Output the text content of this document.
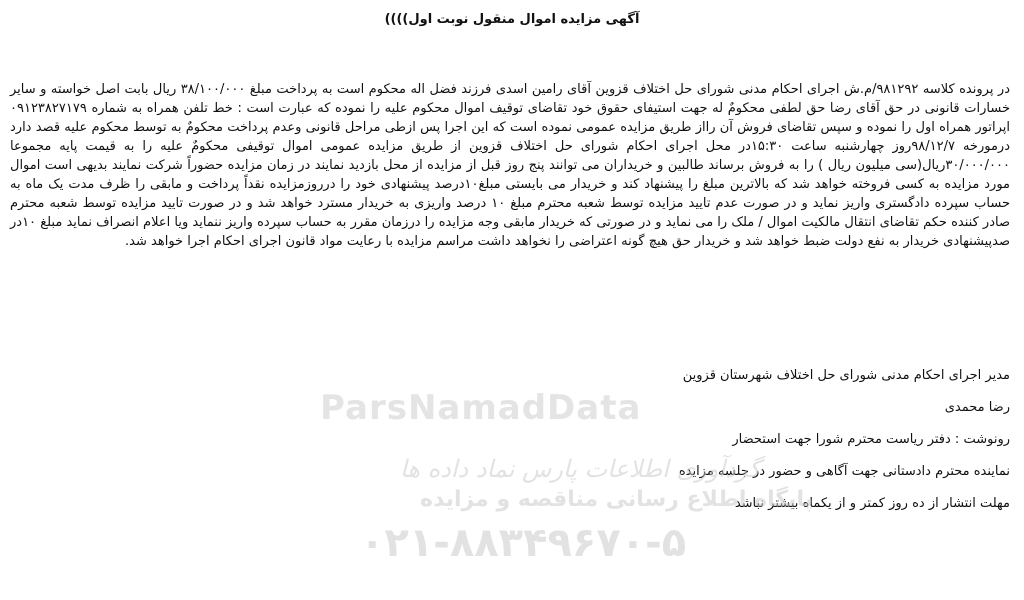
آگهی مزایده اموال منقول نوبت اول))))

در پرونده کلاسه ۹۸۱۲۹۲/م.ش اجرای احکام مدنی شورای حل اختلاف قزوین آقای رامین اسدی فرزند فضل اله محکوم است به پرداخت مبلغ ۳۸/۱۰۰/۰۰۰ ریال بابت اصل خواسته و سایر خسارات قانونی در حق آقای رضا حق لطفی محکومٌ له جهت استیفای حقوق خود تقاضای توقیف اموال محکوم علیه را نموده که عبارت است : خط تلفن همراه به شماره ۰۹۱۲۳۸۲۷۱۷۹ اپراتور همراه اول را نموده و سپس تقاضای فروش آن رااز طریق مزایده عمومی نموده است که این اجرا پس ازطی مراحل قانونی وعدم پرداخت محکومٌ به توسط محکوم علیه قصد دارد درمورخه ۹۸/۱۲/۷روز چهارشنبه ساعت ۱۵:۳۰در محل اجرای احکام شورای حل اختلاف قزوین از طریق مزایده عمومی اموال توقیفی محکومٌ علیه را به قیمت پایه مجموعا ۳۰/۰۰۰/۰۰۰ریال(سی میلیون ریال ) را به فروش برساند طالبین و خریداران می توانند پنج روز قبل از مزایده از محل بازدید نمایند در زمان مزایده حضوراً شرکت نمایند بدیهی است اموال مورد مزایده به کسی فروخته خواهد شد که بالاترین مبلغ را پیشنهاد کند و خریدار می بایستی مبلغ۱۰درصد پیشنهادی خود را درروزمزایده نقداً پرداخت و مابقی را ظرف مدت یک ماه به حساب سپرده دادگستری واریز نماید و در صورت عدم تایید مزایده توسط شعبه محترم مبلغ ۱۰ درصد واریزی به خریدار مسترد خواهد شد و در صورت تایید مزایده توسط شعبه محترم صادر کننده حکم تقاضای انتقال مالکیت اموال / ملک را می نماید و در صورتی که خریدار مابقی وجه مزایده را درزمان مقرر به حساب سپرده واریز ننماید ویا اعلام انصراف نماید مبلغ ۱۰در صدپیشنهادی خریدار به نفع دولت ضبط خواهد شد و خریدار حق هیچ گونه اعتراضی را نخواهد داشت مراسم مزایده با رعایت مواد قانون اجرای احکام اجرا خواهد شد.

مدیر اجرای احکام مدنی شورای حل اختلاف شهرستان قزوین
رضا محمدی
رونوشت : دفتر ریاست محترم شورا جهت استحضار
نماینده محترم دادستانی جهت آگاهی و حضور در جلسه مزایده
مهلت انتشار از ده روز کمتر و از یکماه بیشتر نباشد
ParsNamadData
گردآوری اطلاعات پارس نماد داده ها
پایگاه اطلاع رسانی مناقصه و مزایده
۰۲۱-۸۸۳۴۹۶۷۰-۵
